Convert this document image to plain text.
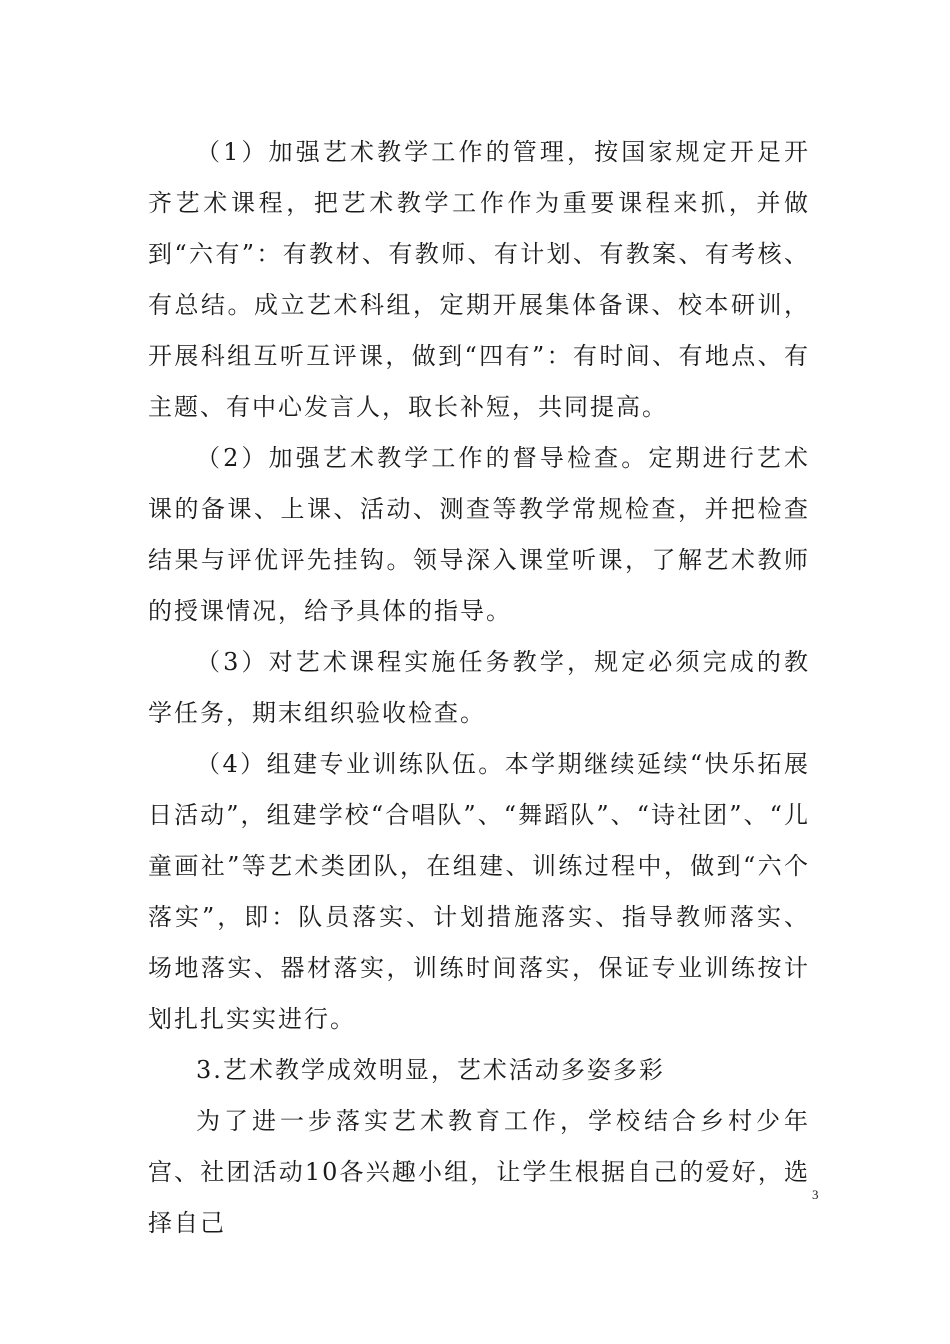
（1）加强艺术教学工作的管理，按国家规定开足开齐艺术课程，把艺术教学工作作为重要课程来抓，并做到“六有”：有教材、有教师、有计划、有教案、有考核、有总结。成立艺术科组，定期开展集体备课、校本研训，开展科组互听互评课，做到“四有”：有时间、有地点、有主题、有中心发言人，取长补短，共同提高。

（2）加强艺术教学工作的督导检查。定期进行艺术课的备课、上课、活动、测查等教学常规检查，并把检查结果与评优评先挂钩。领导深入课堂听课，了解艺术教师的授课情况，给予具体的指导。

（3）对艺术课程实施任务教学，规定必须完成的教学任务，期末组织验收检查。

（4）组建专业训练队伍。本学期继续延续“快乐拓展日活动”，组建学校“合唱队”、“舞蹈队”、“诗社团”、“儿童画社”等艺术类团队，在组建、训练过程中，做到“六个落实”，即：队员落实、计划措施落实、指导教师落实、场地落实、器材落实，训练时间落实，保证专业训练按计划扎扎实实进行。

3.艺术教学成效明显，艺术活动多姿多彩

为了进一步落实艺术教育工作，学校结合乡村少年宫、社团活动10各兴趣小组，让学生根据自己的爱好，选择自己

3
